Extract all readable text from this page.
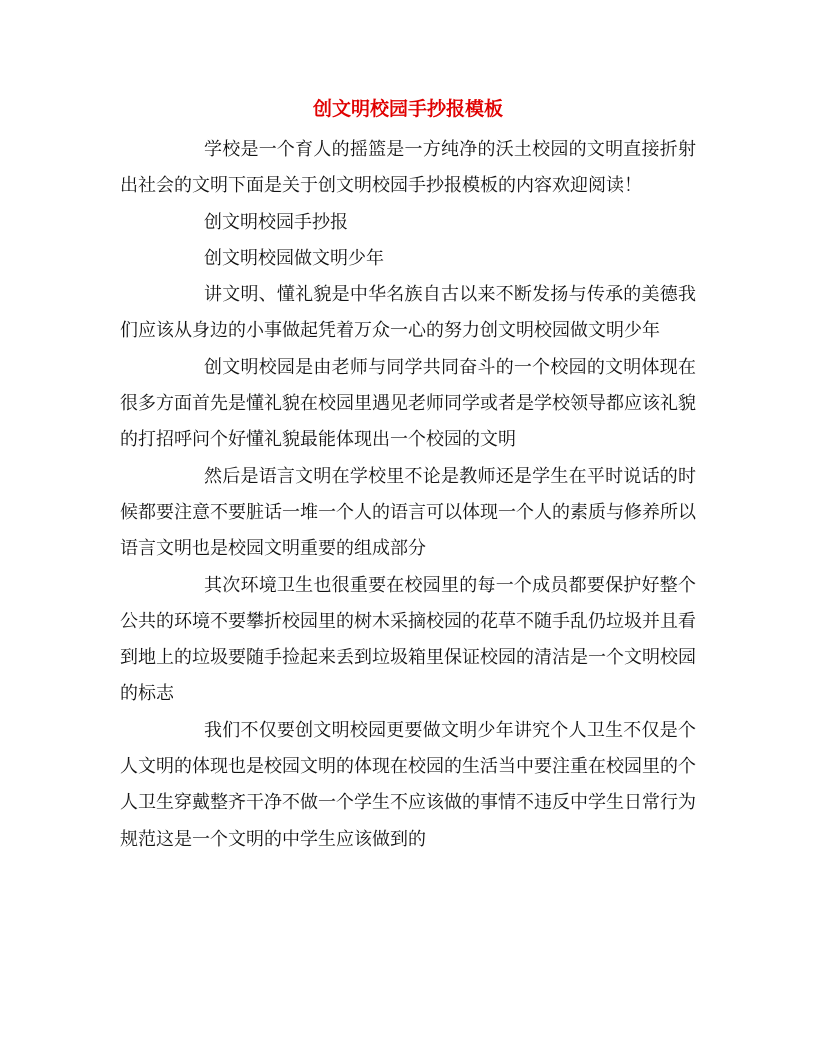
创文明校园手抄报模板

学校是一个育人的摇篮是一方纯净的沃土校园的文明直接折射出社会的文明下面是关于创文明校园手抄报模板的内容欢迎阅读！

创文明校园手抄报

创文明校园做文明少年

讲文明、懂礼貌是中华名族自古以来不断发扬与传承的美德我们应该从身边的小事做起凭着万众一心的努力创文明校园做文明少年

创文明校园是由老师与同学共同奋斗的一个校园的文明体现在很多方面首先是懂礼貌在校园里遇见老师同学或者是学校领导都应该礼貌的打招呼问个好懂礼貌最能体现出一个校园的文明

然后是语言文明在学校里不论是教师还是学生在平时说话的时候都要注意不要脏话一堆一个人的语言可以体现一个人的素质与修养所以语言文明也是校园文明重要的组成部分

其次环境卫生也很重要在校园里的每一个成员都要保护好整个公共的环境不要攀折校园里的树木采摘校园的花草不随手乱仍垃圾并且看到地上的垃圾要随手捡起来丢到垃圾箱里保证校园的清洁是一个文明校园的标志

我们不仅要创文明校园更要做文明少年讲究个人卫生不仅是个人文明的体现也是校园文明的体现在校园的生活当中要注重在校园里的个人卫生穿戴整齐干净不做一个学生不应该做的事情不违反中学生日常行为规范这是一个文明的中学生应该做到的
